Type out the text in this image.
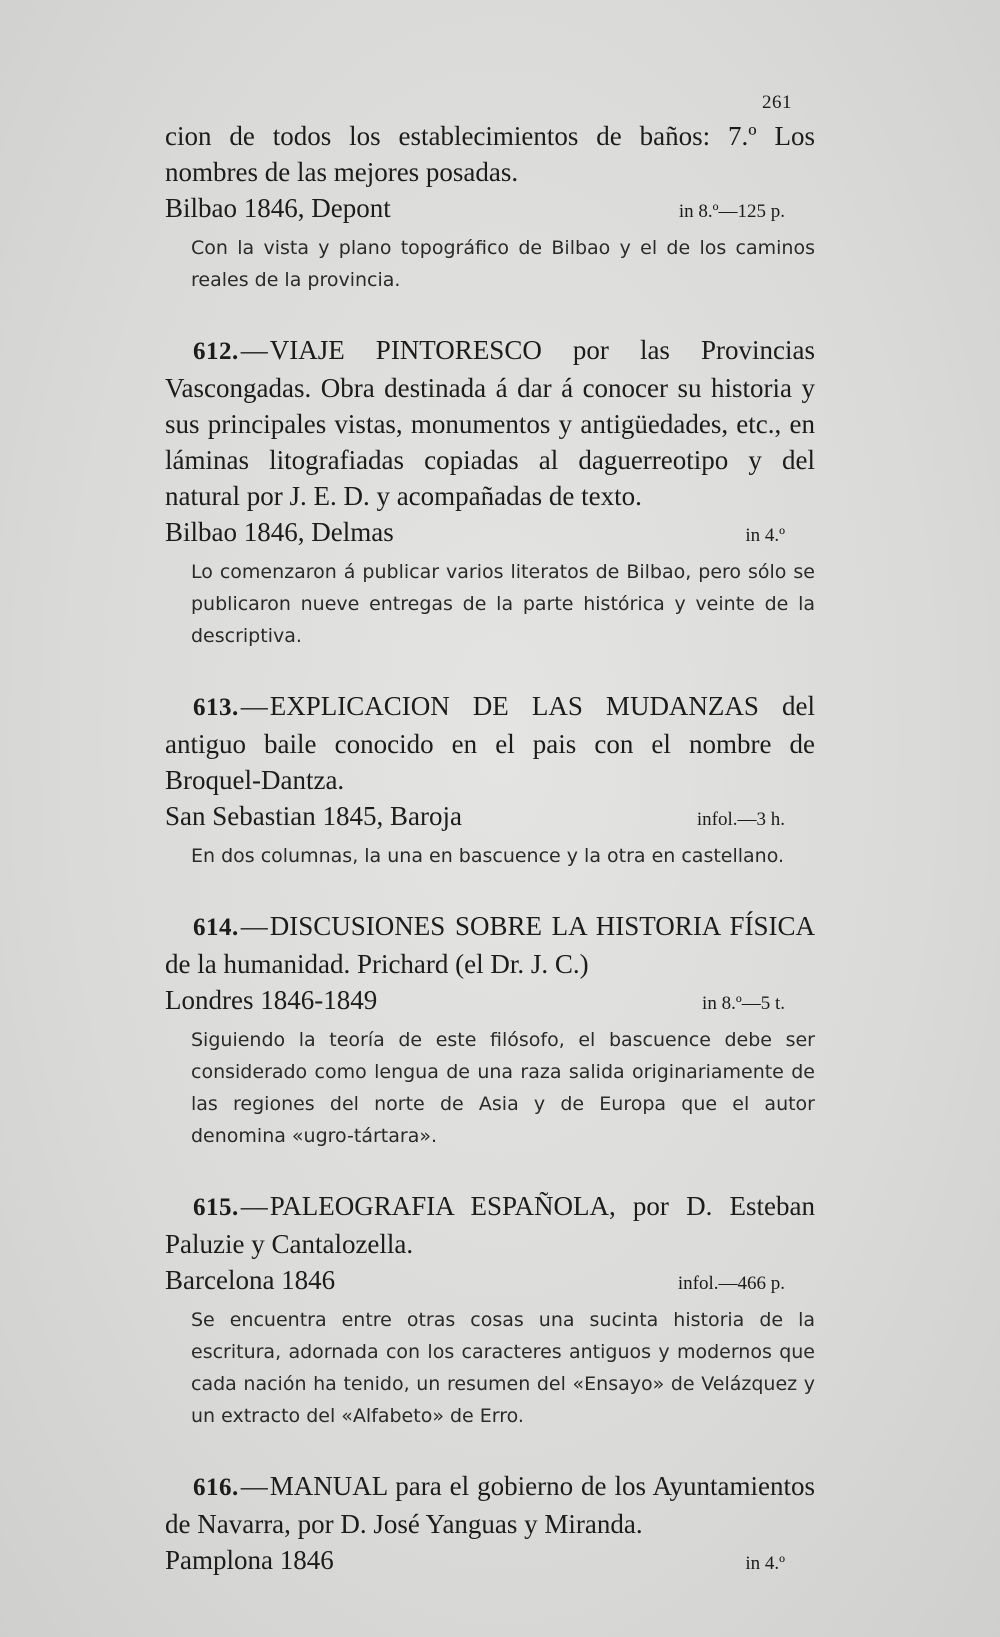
261
cion de todos los establecimientos de baños: 7.º Los nombres de las mejores posadas.
Bilbao 1846, Depont	in 8.º—125 p.
Con la vista y plano topográfico de Bilbao y el de los caminos reales de la provincia.
612.—VIAJE PINTORESCO por las Provincias Vascongadas. Obra destinada á dar á conocer su historia y sus principales vistas, monumentos y antigüedades, etc., en láminas litografiadas copiadas al daguerreotipo y del natural por J. E. D. y acompañadas de texto.
Bilbao 1846, Delmas	in 4.º
Lo comenzaron á publicar varios literatos de Bilbao, pero sólo se publicaron nueve entregas de la parte histórica y veinte de la descriptiva.
613.—EXPLICACION DE LAS MUDANZAS del antiguo baile conocido en el pais con el nombre de Broquel-Dantza.
San Sebastian 1845, Baroja	infol.—3 h.
En dos columnas, la una en bascuence y la otra en castellano.
614.—DISCUSIONES SOBRE LA HISTORIA FÍSICA de la humanidad. Prichard (el Dr. J. C.)
Londres 1846-1849	in 8.º—5 t.
Siguiendo la teoría de este filósofo, el bascuence debe ser considerado como lengua de una raza salida originariamente de las regiones del norte de Asia y de Europa que el autor denomina «ugro-tártara».
615.—PALEOGRAFIA ESPAÑOLA, por D. Esteban Paluzie y Cantalozella.
Barcelona 1846	infol.—466 p.
Se encuentra entre otras cosas una sucinta historia de la escritura, adornada con los caracteres antiguos y modernos que cada nación ha tenido, un resumen del «Ensayo» de Velázquez y un extracto del «Alfabeto» de Erro.
616.—MANUAL para el gobierno de los Ayuntamientos de Navarra, por D. José Yanguas y Miranda.
Pamplona 1846	in 4.º
